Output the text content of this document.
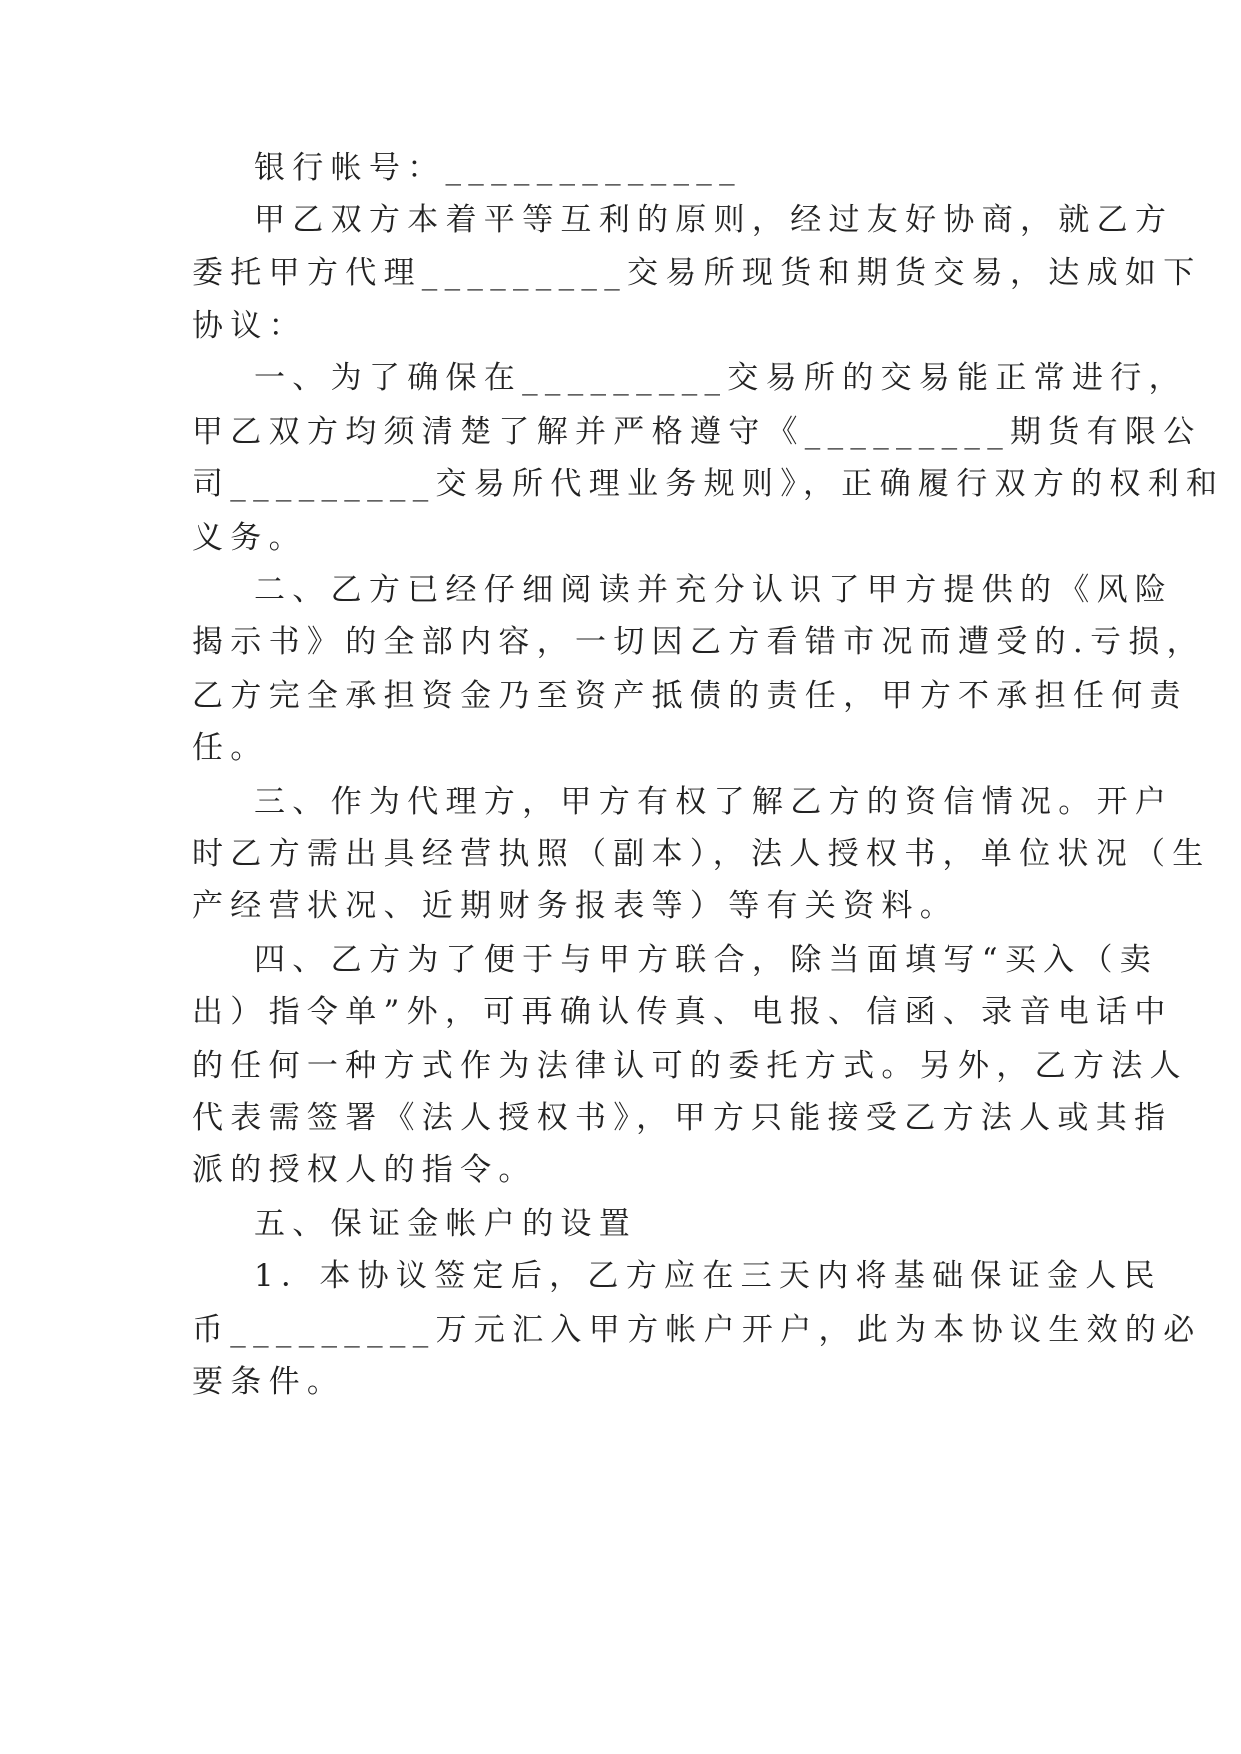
银行帐号：_____________
甲乙双方本着平等互利的原则，经过友好协商，就乙方
委托甲方代理_________交易所现货和期货交易，达成如下
协议：
一、为了确保在_________交易所的交易能正常进行，
甲乙双方均须清楚了解并严格遵守《_________期货有限公
司_________交易所代理业务规则》，正确履行双方的权利和
义务。
二、乙方已经仔细阅读并充分认识了甲方提供的《风险
揭示书》的全部内容，一切因乙方看错市况而遭受的.亏损，
乙方完全承担资金乃至资产抵债的责任，甲方不承担任何责
任。
三、作为代理方，甲方有权了解乙方的资信情况。开户
时乙方需出具经营执照（副本），法人授权书，单位状况（生
产经营状况、近期财务报表等）等有关资料。
四、乙方为了便于与甲方联合，除当面填写“买入（卖
出）指令单”外，可再确认传真、电报、信函、录音电话中
的任何一种方式作为法律认可的委托方式。另外，乙方法人
代表需签署《法人授权书》，甲方只能接受乙方法人或其指
派的授权人的指令。
五、保证金帐户的设置
1．本协议签定后，乙方应在三天内将基础保证金人民
币_________万元汇入甲方帐户开户，此为本协议生效的必
要条件。
